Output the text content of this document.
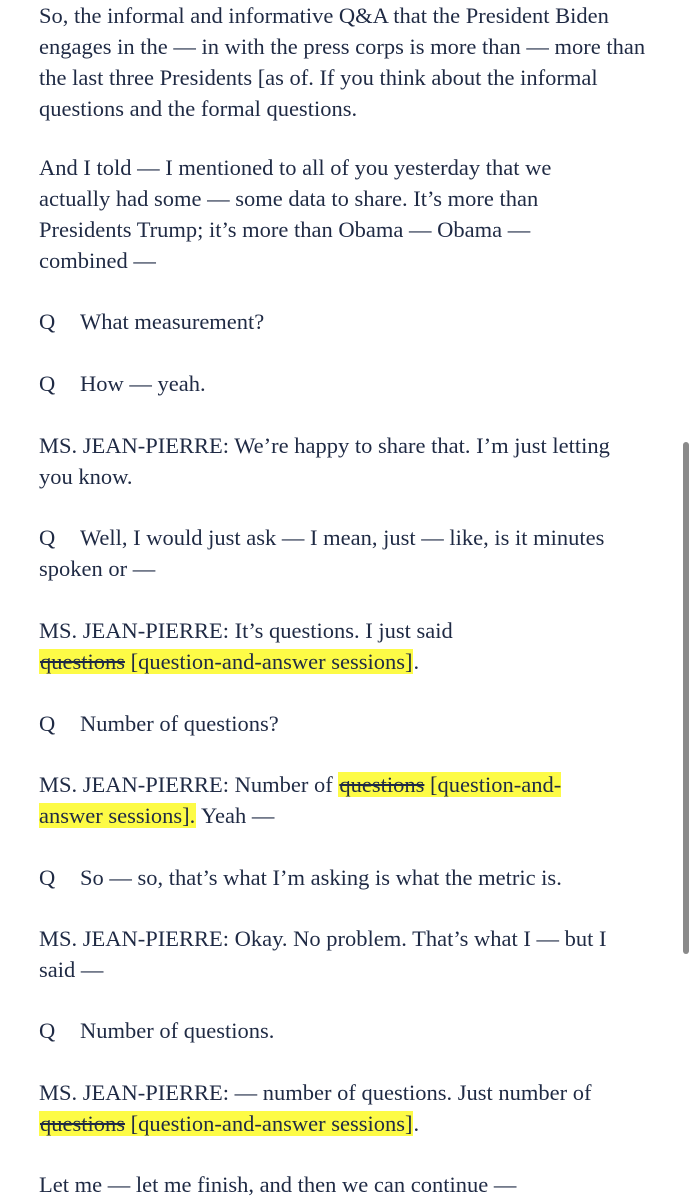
So, the informal and informative Q&A that the President Biden engages in the — in with the press corps is more than — more than the last three Presidents [as of. If you think about the informal questions and the formal questions.

And I told — I mentioned to all of you yesterday that we actually had some — some data to share. It’s more than Presidents Trump; it’s more than Obama — Obama — combined —

Q What measurement?

Q How — yeah.

MS. JEAN-PIERRE: We’re happy to share that. I’m just letting you know.

Q Well, I would just ask — I mean, just — like, is it minutes spoken or —

MS. JEAN-PIERRE: It’s questions. I just said questions [question-and-answer sessions].

Q Number of questions?

MS. JEAN-PIERRE: Number of questions [question-and-answer sessions]. Yeah —

Q So — so, that’s what I’m asking is what the metric is.

MS. JEAN-PIERRE: Okay. No problem. That’s what I — but I said —

Q Number of questions.

MS. JEAN-PIERRE: — number of questions. Just number of questions [question-and-answer sessions].

Let me — let me finish, and then we can continue —
